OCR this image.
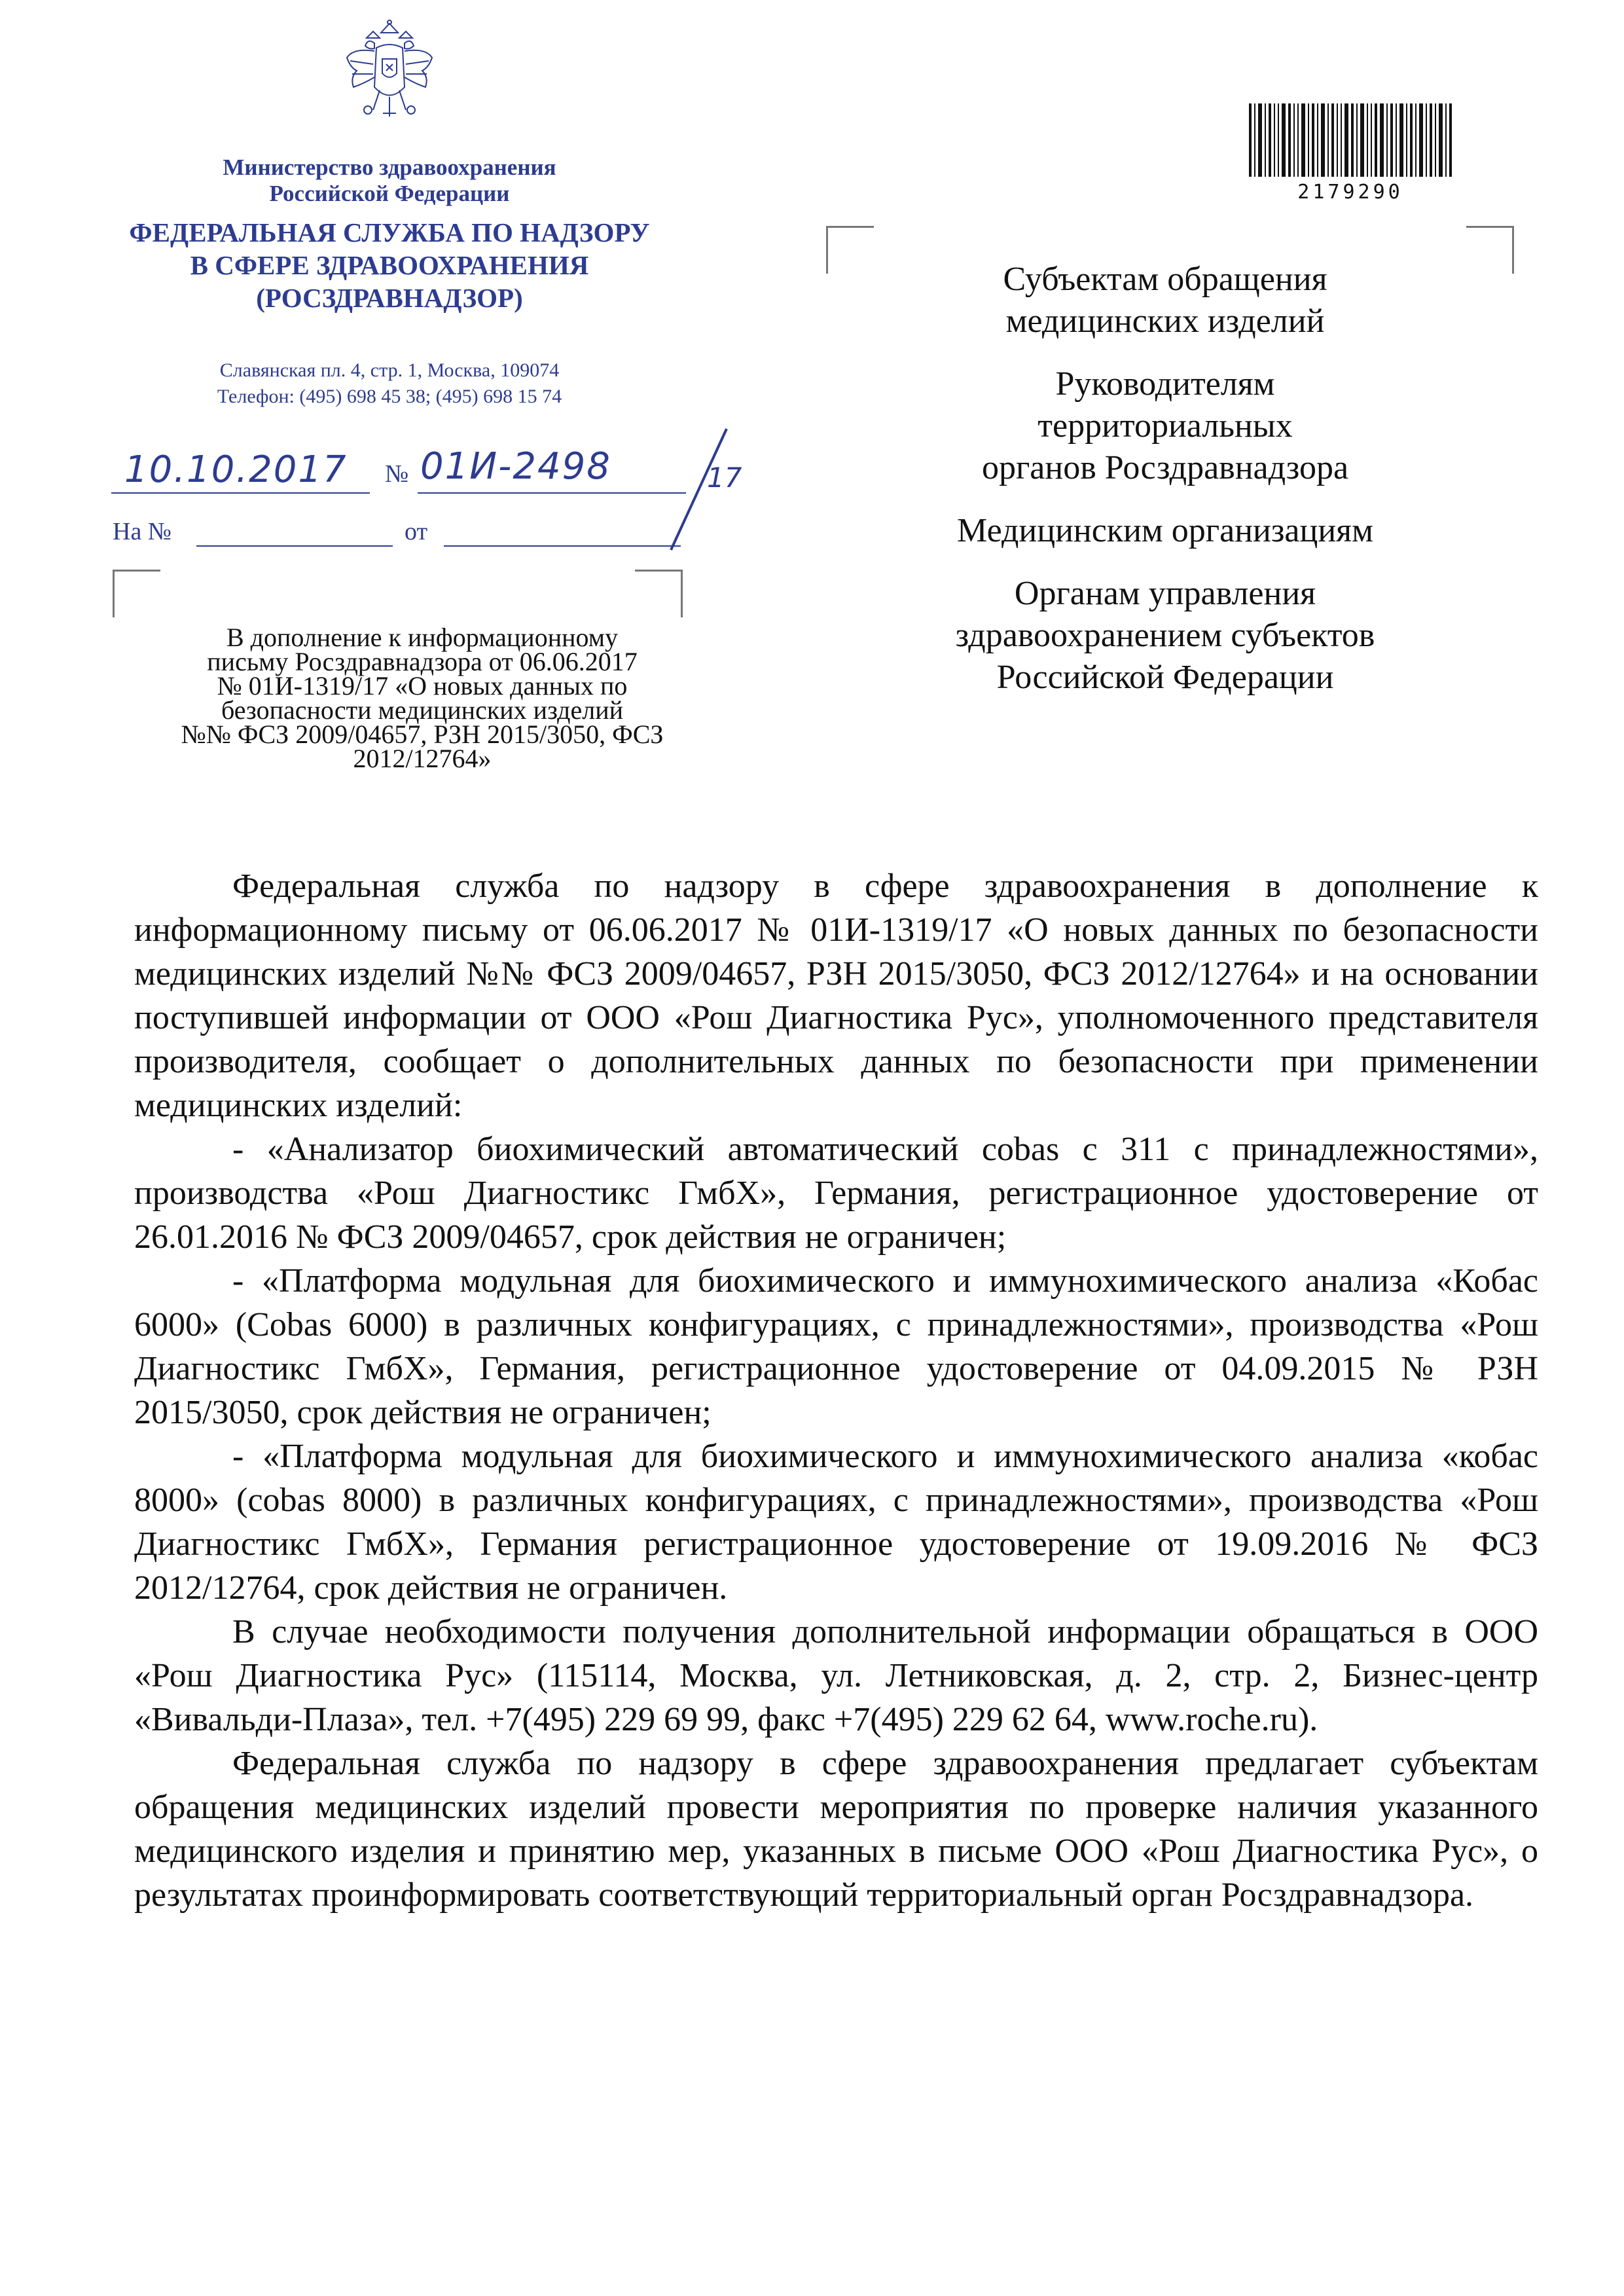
Министерство здравоохранения
Российской Федерации
ФЕДЕРАЛЬНАЯ СЛУЖБА ПО НАДЗОРУ
В СФЕРЕ ЗДРАВООХРАНЕНИЯ
(РОСЗДРАВНАДЗОР)
Славянская пл. 4, стр. 1, Москва, 109074
Телефон: (495) 698 45 38; (495) 698 15 74
10.10.2017 № 01И-2498	17
На №	от
В дополнение к информационному
письму Росздравнадзора от 06.06.2017
№ 01И-1319/17 «О новых данных по
безопасности медицинских изделий
№№ ФСЗ 2009/04657, РЗН 2015/3050, ФСЗ
2012/12764»
2179290
Субъектам обращения
медицинских изделий
Руководителям
территориальных
органов Росздравнадзора
Медицинским организациям
Органам управления
здравоохранением субъектов
Российской Федерации

Федеральная служба по надзору в сфере здравоохранения в дополнение к информационному письму от 06.06.2017 № 01И-1319/17 «О новых данных по безопасности медицинских изделий №№ ФСЗ 2009/04657, РЗН 2015/3050, ФСЗ 2012/12764» и на основании поступившей информации от ООО «Рош Диагностика Рус», уполномоченного представителя производителя, сообщает о дополнительных данных по безопасности при применении медицинских изделий:

- «Анализатор биохимический автоматический cobas c 311 с принадлежностями», производства «Рош Диагностикс ГмбХ», Германия, регистрационное удостоверение от 26.01.2016 № ФСЗ 2009/04657, срок действия не ограничен;

- «Платформа модульная для биохимического и иммунохимического анализа «Кобас 6000» (Cobas 6000) в различных конфигурациях, с принадлежностями», производства «Рош Диагностикс ГмбХ», Германия, регистрационное удостоверение от 04.09.2015 № РЗН 2015/3050, срок действия не ограничен;

- «Платформа модульная для биохимического и иммунохимического анализа «кобас 8000» (cobas 8000) в различных конфигурациях, с принадлежностями», производства «Рош Диагностикс ГмбХ», Германия регистрационное удостоверение от 19.09.2016 № ФСЗ 2012/12764, срок действия не ограничен.

В случае необходимости получения дополнительной информации обращаться в ООО «Рош Диагностика Рус» (115114, Москва, ул. Летниковская, д. 2, стр. 2, Бизнес-центр «Вивальди-Плаза», тел. +7(495) 229 69 99, факс +7(495) 229 62 64, www.roche.ru).

Федеральная служба по надзору в сфере здравоохранения предлагает субъектам обращения медицинских изделий провести мероприятия по проверке наличия указанного медицинского изделия и принятию мер, указанных в письме ООО «Рош Диагностика Рус», о результатах проинформировать соответствующий территориальный орган Росздравнадзора.
